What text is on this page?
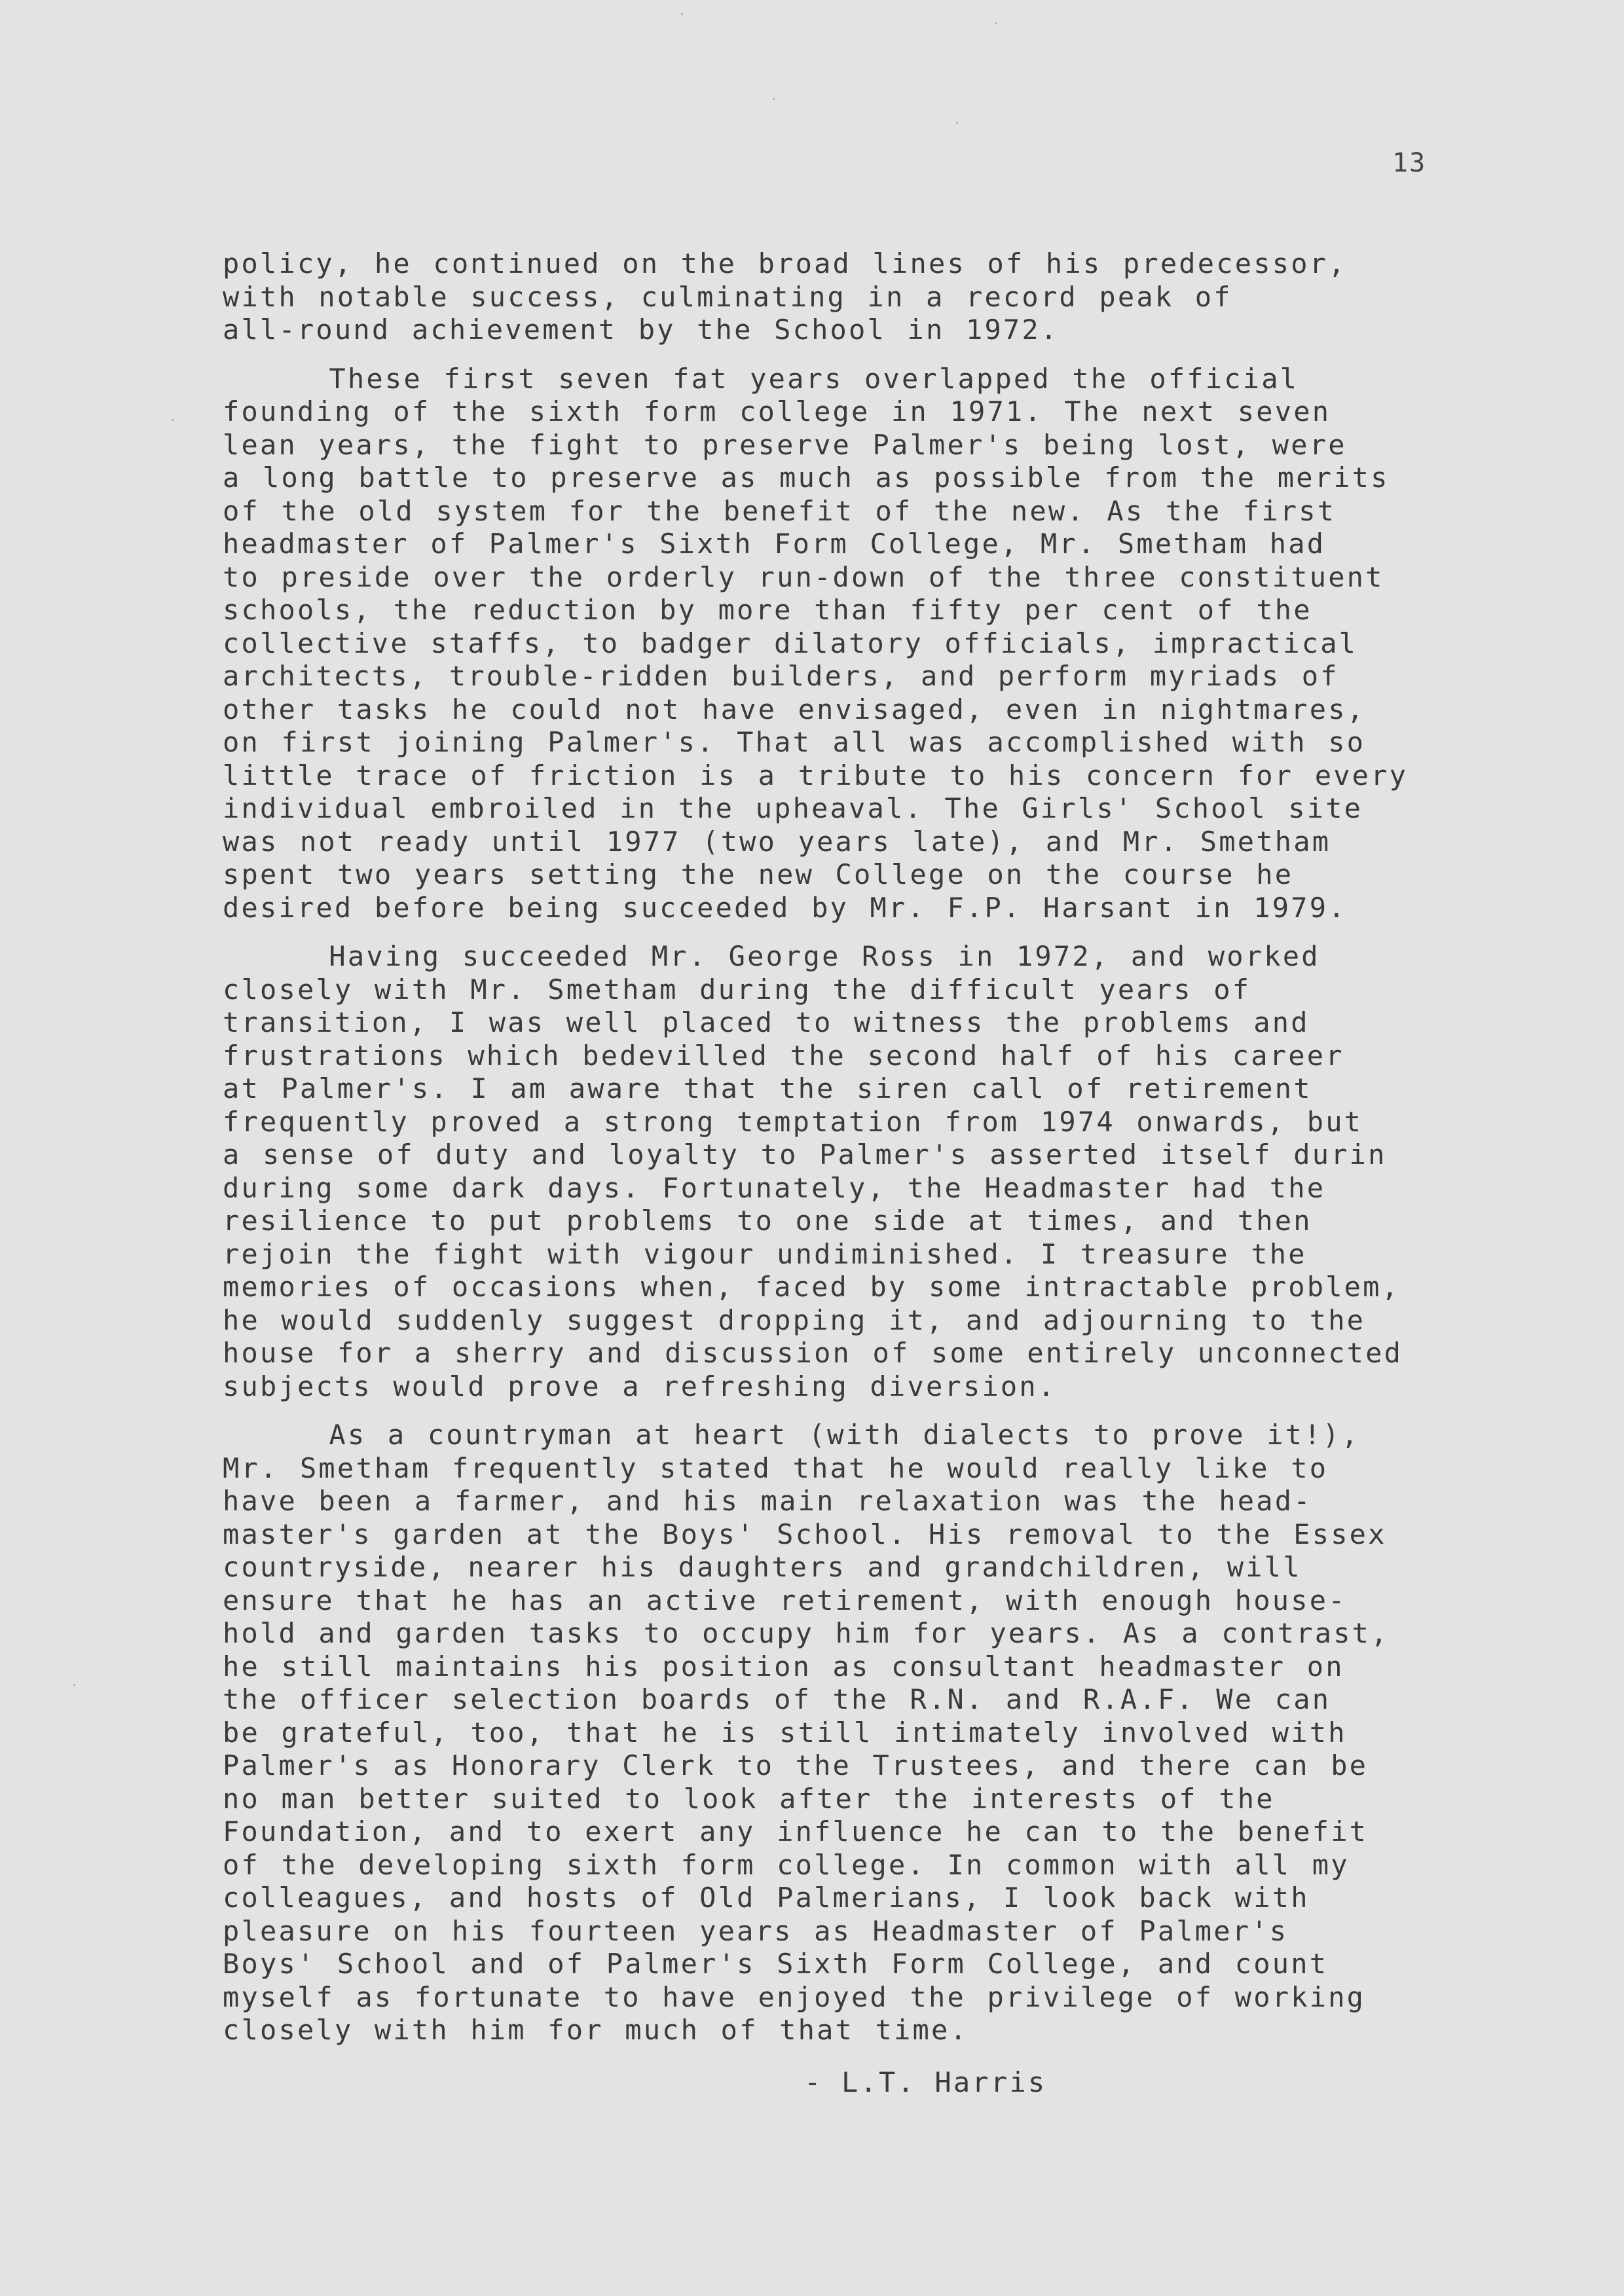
13
policy, he continued on the broad lines of his predecessor,
with notable success, culminating in a record peak of
all-round achievement by the School in 1972.
These first seven fat years overlapped the official
founding of the sixth form college in 1971. The next seven
lean years, the fight to preserve Palmer's being lost, were
a long battle to preserve as much as possible from the merits
of the old system for the benefit of the new. As the first
headmaster of Palmer's Sixth Form College, Mr. Smetham had
to preside over the orderly run-down of the three constituent
schools, the reduction by more than fifty per cent of the
collective staffs, to badger dilatory officials, impractical
architects, trouble-ridden builders, and perform myriads of
other tasks he could not have envisaged, even in nightmares,
on first joining Palmer's. That all was accomplished with so
little trace of friction is a tribute to his concern for every
individual embroiled in the upheaval. The Girls' School site
was not ready until 1977 (two years late), and Mr. Smetham
spent two years setting the new College on the course he
desired before being succeeded by Mr. F.P. Harsant in 1979.
Having succeeded Mr. George Ross in 1972, and worked
closely with Mr. Smetham during the difficult years of
transition, I was well placed to witness the problems and
frustrations which bedevilled the second half of his career
at Palmer's. I am aware that the siren call of retirement
frequently proved a strong temptation from 1974 onwards, but
a sense of duty and loyalty to Palmer's asserted itself durin
during some dark days. Fortunately, the Headmaster had the
resilience to put problems to one side at times, and then
rejoin the fight with vigour undiminished. I treasure the
memories of occasions when, faced by some intractable problem,
he would suddenly suggest dropping it, and adjourning to the
house for a sherry and discussion of some entirely unconnected
subjects would prove a refreshing diversion.
As a countryman at heart (with dialects to prove it!),
Mr. Smetham frequently stated that he would really like to
have been a farmer, and his main relaxation was the head-
master's garden at the Boys' School. His removal to the Essex
countryside, nearer his daughters and grandchildren, will
ensure that he has an active retirement, with enough house-
hold and garden tasks to occupy him for years. As a contrast,
he still maintains his position as consultant headmaster on
the officer selection boards of the R.N. and R.A.F. We can
be grateful, too, that he is still intimately involved with
Palmer's as Honorary Clerk to the Trustees, and there can be
no man better suited to look after the interests of the
Foundation, and to exert any influence he can to the benefit
of the developing sixth form college. In common with all my
colleagues, and hosts of Old Palmerians, I look back with
pleasure on his fourteen years as Headmaster of Palmer's
Boys' School and of Palmer's Sixth Form College, and count
myself as fortunate to have enjoyed the privilege of working
closely with him for much of that time.
- L.T. Harris
